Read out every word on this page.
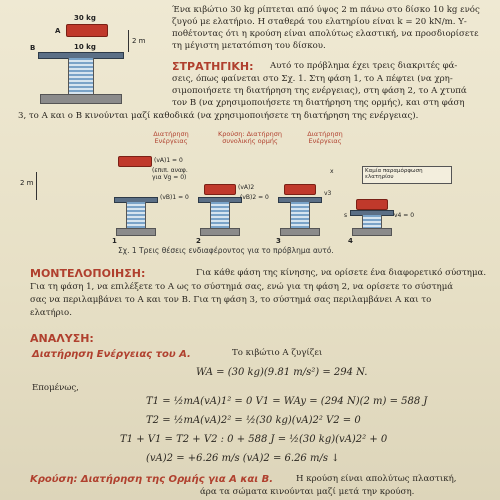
30 kg
A
B	10 kg
2 m
Ένα κιβώτιο 30 kg ρίπτεται από ύψος 2 m πάνω στο δίσκο 10 kg ενός
ζυγού με ελατήριο. Η σταθερά του ελατηρίου είναι k = 20 kN/m. Υ-
ποθέτοντας ότι η κρούση είναι απολύτως ελαστική, να προσδιορίσετε
τη μέγιστη μετατόπιση του δίσκου.
ΣΤΡΑΤΗΓΙΚΗ: Αυτό το πρόβλημα έχει τρεις διακριτές φά-
σεις, όπως φαίνεται στο Σχ. 1. Στη φάση 1, το A πέφτει (να χρη-
σιμοποιήσετε τη διατήρηση της ενέργειας), στη φάση 2, το A χτυπά
τον B (να χρησιμοποιήσετε τη διατήρηση της ορμής), και στη φάση
3, το A και ο B κινούνται μαζί καθοδικά (να χρησιμοποιήσετε τη διατήρηση της ενέργειας).
Διατήρηση
Ενέργειας
Κρούση: Διατήρηση
συνολικής ορμής
Διατήρηση
Ενέργειας
2 m
(vA)1 = 0
(επιπ. αναφ.
για Vg = 0)
(vB)1 = 0
1
(vA)2
(vB)2 = 0
2
v3
3
x	Καμία παραμόρφωση
ελατηρίου
s	v4 = 0
4
Σχ. 1 Τρεις θέσεις ενδιαφέροντος για το πρόβλημα αυτό.
ΜΟΝΤΕΛΟΠΟΙΗΣΗ:	Για κάθε φάση της κίνησης, να ορίσετε ένα διαφορετικό σύστημα.
Για τη φάση 1, να επιλέξετε το A ως το σύστημά σας, ενώ για τη φάση 2, να ορίσετε το σύστημά
σας να περιλαμβάνει το A και τον B. Για τη φάση 3, το σύστημά σας περιλαμβάνει A και το
ελατήριο.
ΑΝΑΛΥΣΗ:
Διατήρηση Ενέργειας του A.	Το κιβώτιο A ζυγίζει
WA = (30 kg)(9.81 m/s²) = 294 N.
Επομένως,
T1 = ½mA(vA)1² = 0 V1 = WAy = (294 N)(2 m) = 588 J
T2 = ½mA(vA)2² = ½(30 kg)(vA)2² V2 = 0
T1 + V1 = T2 + V2 : 0 + 588 J = ½(30 kg)(vA)2² + 0
(vA)2 = +6.26 m/s (vA)2 = 6.26 m/s ↓
Κρούση: Διατήρηση της Ορμής για A και B.	Η κρούση είναι απολύτως πλαστική,
άρα τα σώματα κινούνται μαζί μετά την κρούση.
